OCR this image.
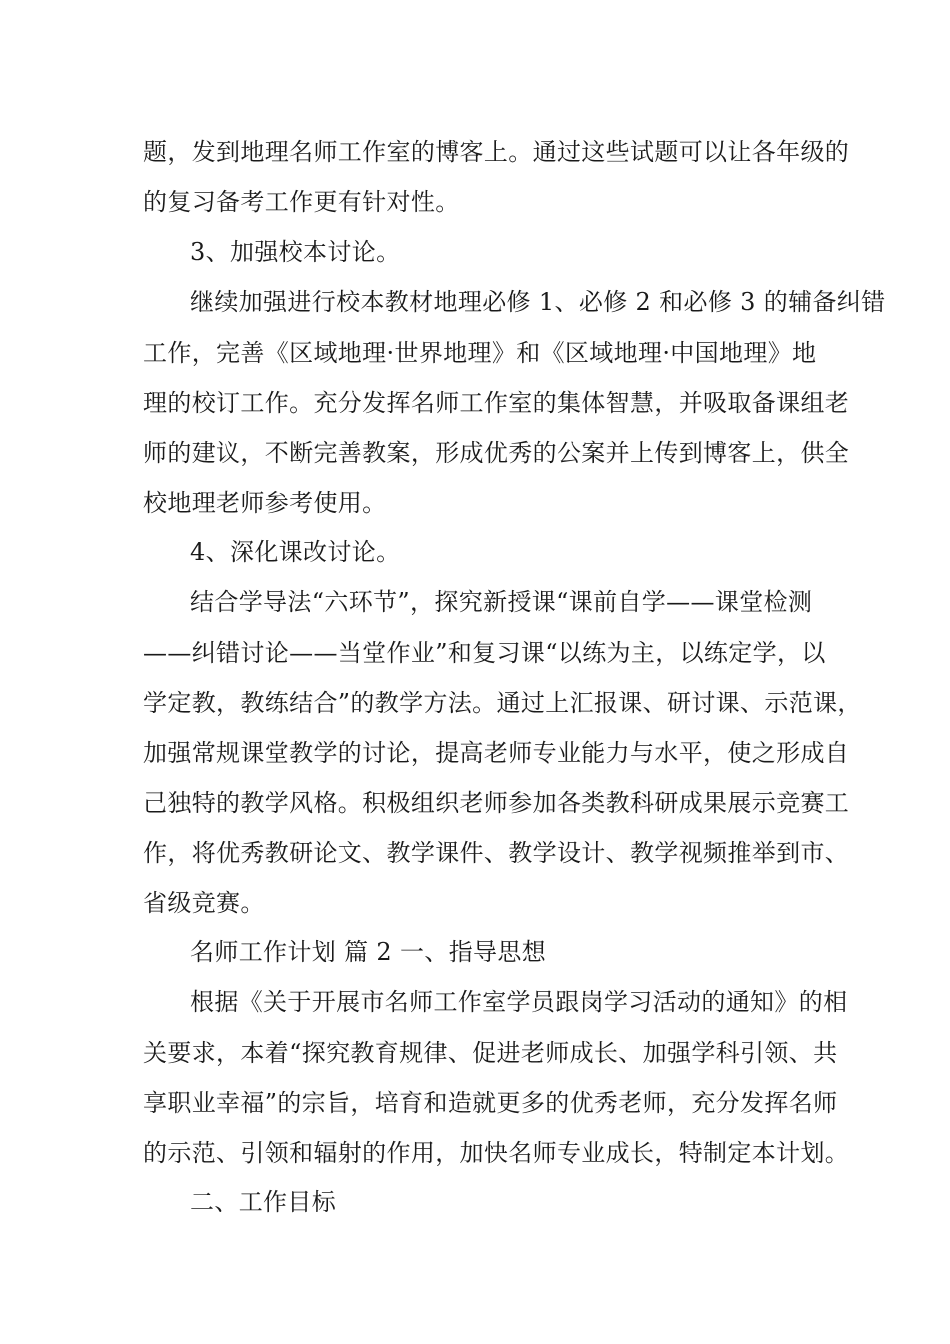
题，发到地理名师工作室的博客上。通过这些试题可以让各年级的
的复习备考工作更有针对性。
3、加强校本讨论。
继续加强进行校本教材地理必修 1、必修 2 和必修 3 的辅备纠错
工作，完善《区域地理·世界地理》和《区域地理·中国地理》地
理的校订工作。充分发挥名师工作室的集体智慧，并吸取备课组老
师的建议，不断完善教案，形成优秀的公案并上传到博客上，供全
校地理老师参考使用。
4、深化课改讨论。
结合学导法“六环节”，探究新授课“课前自学——课堂检测
——纠错讨论——当堂作业”和复习课“以练为主，以练定学，以
学定教，教练结合”的教学方法。通过上汇报课、研讨课、示范课，
加强常规课堂教学的讨论，提高老师专业能力与水平，使之形成自
己独特的教学风格。积极组织老师参加各类教科研成果展示竞赛工
作，将优秀教研论文、教学课件、教学设计、教学视频推举到市、
省级竞赛。
名师工作计划 篇 2 一、指导思想
根据《关于开展市名师工作室学员跟岗学习活动的通知》的相
关要求，本着“探究教育规律、促进老师成长、加强学科引领、共
享职业幸福”的宗旨，培育和造就更多的优秀老师，充分发挥名师
的示范、引领和辐射的作用，加快名师专业成长，特制定本计划。
二、工作目标
